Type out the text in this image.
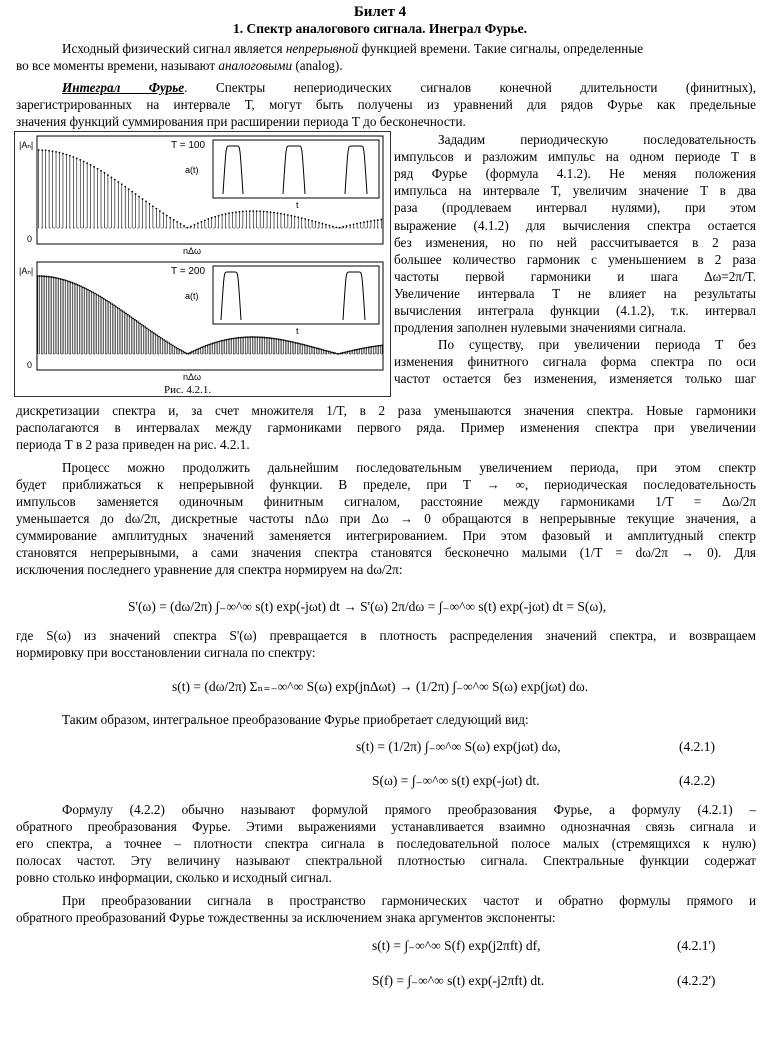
Билет 4
1. Спектр аналогового сигнала. Инеграл Фурье.
Исходный физический сигнал является непрерывной функцией времени. Такие сигналы, определенные
во все моменты времени, называют аналоговыми (analog).
Интеграл Фурье. Спектры непериодических сигналов конечной длительности (финитных),
зарегистрированных на интервале Т, могут быть получены из уравнений для рядов Фурье как предельные
значения функций суммирования при расширении периода Т до бесконечности.
|Aₙ|
0
nΔω
a(t)
t
T = 100
|Aₙ|
0
nΔω
a(t)
t
T = 200
Рис. 4.2.1.
Зададим периодическую последовательность
импульсов и разложим импульс на одном периоде Т в
ряд Фурье (формула 4.1.2). Не меняя положения
импульса на интервале Т, увеличим значение Т в два
раза (продлеваем интервал нулями), при этом
выражение (4.1.2) для вычисления спектра остается
без изменения, но по ней рассчитывается в 2 раза
большее количество гармоник с уменьшением в 2 раза
частоты первой гармоники и шага Δω=2π/T.
Увеличение интервала Т не влияет на результаты
вычисления интеграла функции (4.1.2), т.к. интервал
продления заполнен нулевыми значениями сигнала.
По существу, при увеличении периода Т без
изменения финитного сигнала форма спектра по оси
частот остается без изменения, изменяется только шаг
дискретизации спектра и, за счет множителя 1/T, в 2 раза уменьшаются значения спектра. Новые гармоники
располагаются в интервалах между гармониками первого ряда. Пример изменения спектра при увеличении
периода Т в 2 раза приведен на рис. 4.2.1.
Процесс можно продолжить дальнейшим последовательным увеличением периода, при этом спектр
будет приближаться к непрерывной функции. В пределе, при T → ∞, периодическая последовательность
импульсов заменяется одиночным финитным сигналом, расстояние между гармониками 1/T = Δω/2π
уменьшается до dω/2π, дискретные частоты nΔω при Δω → 0 обращаются в непрерывные текущие значения, а
суммирование амплитудных значений заменяется интегрированием. При этом фазовый и амплитудный спектр
становятся непрерывными, а сами значения спектра становятся бесконечно малыми (1/T = dω/2π → 0). Для
исключения последнего уравнение для спектра нормируем на dω/2π:
S'(ω) = (dω/2π) ∫₋∞^∞ s(t) exp(-jωt) dt → S'(ω) 2π/dω = ∫₋∞^∞ s(t) exp(-jωt) dt = S(ω),
где S(ω) из значений спектра S'(ω) превращается в плотность распределения значений спектра, и возвращаем
нормировку при восстановлении сигнала по спектру:
s(t) = (dω/2π) Σₙ₌₋∞^∞ S(ω) exp(jnΔωt) → (1/2π) ∫₋∞^∞ S(ω) exp(jωt) dω.
Таким образом, интегральное преобразование Фурье приобретает следующий вид:
s(t) = (1/2π) ∫₋∞^∞ S(ω) exp(jωt) dω,	(4.2.1)
S(ω) = ∫₋∞^∞ s(t) exp(-jωt) dt.	(4.2.2)
Формулу (4.2.2) обычно называют формулой прямого преобразования Фурье, а формулу (4.2.1) –
обратного преобразования Фурье. Этими выражениями устанавливается взаимно однозначная связь сигнала и
его спектра, а точнее – плотности спектра сигнала в последовательной полосе малых (стремящихся к нулю)
полосах частот. Эту величину называют спектральной плотностью сигнала. Спектральные функции содержат
ровно столько информации, сколько и исходный сигнал.
При преобразовании сигнала в пространство гармонических частот и обратно формулы прямого и
обратного преобразований Фурье тождественны за исключением знака аргументов экспоненты:
s(t) = ∫₋∞^∞ S(f) exp(j2πft) df,	(4.2.1')
S(f) = ∫₋∞^∞ s(t) exp(-j2πft) dt.	(4.2.2')
